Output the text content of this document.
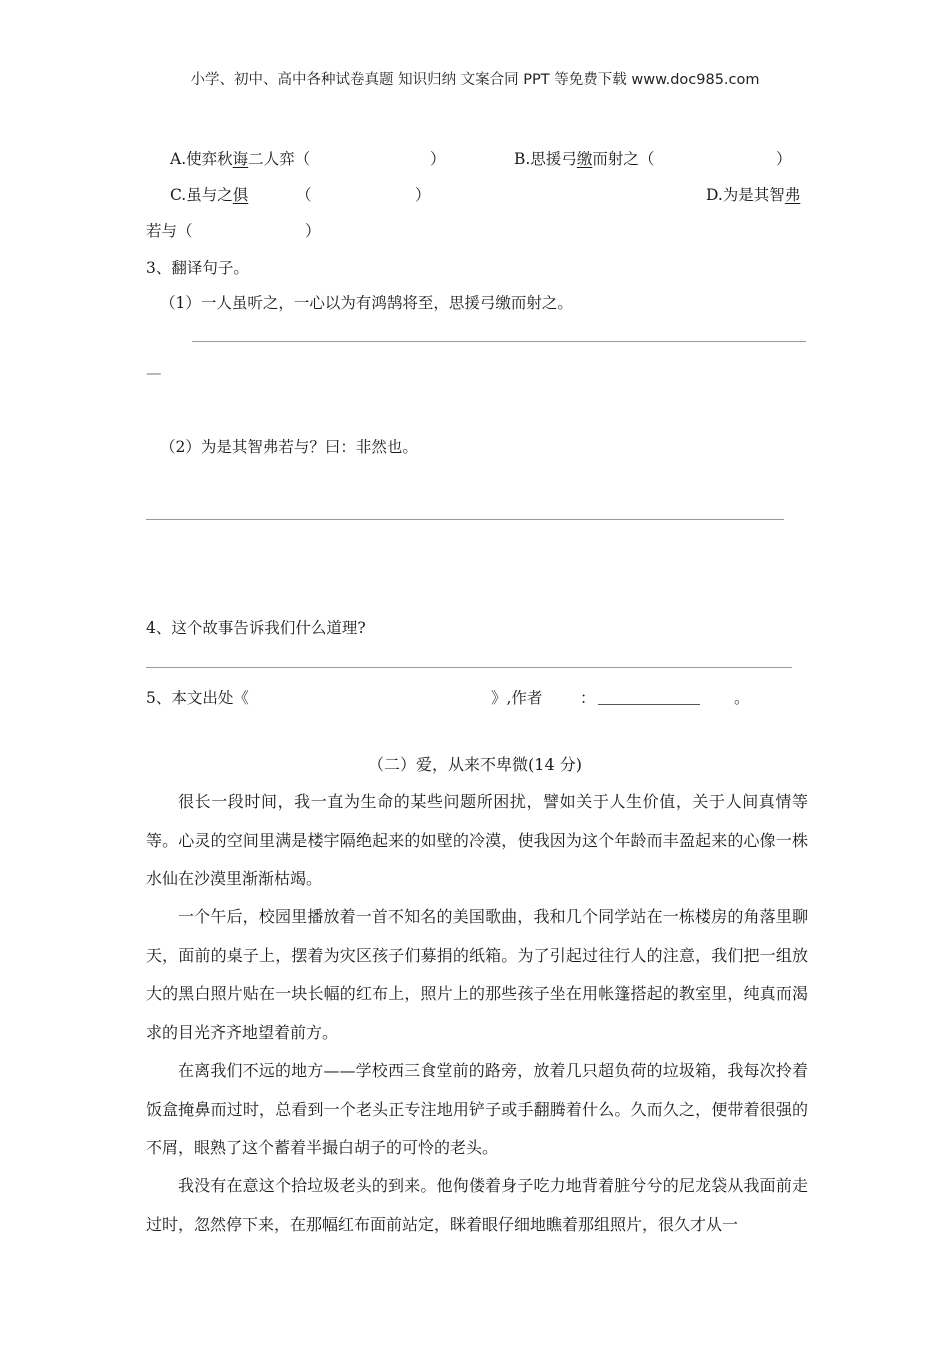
小学、初中、高中各种试卷真题 知识归纳 文案合同 PPT 等免费下载 www.doc985.com
A.使弈秋诲二人弈（	）	B.思援弓缴而射之（	）
C.虽与之俱	（	）	D.为是其智弗
若与（	）
3、翻译句子。
（1）一人虽听之，一心以为有鸿鹄将至，思援弓缴而射之。
—
（2）为是其智弗若与？曰：非然也。
4、这个故事告诉我们什么道理?
5、本文出处《	》,作者 ：	。
（二）爱，从来不卑微(14 分)
很长一段时间，我一直为生命的某些问题所困扰，譬如关于人生价值，关于人间真情等等。心灵的空间里满是楼宇隔绝起来的如壁的冷漠，使我因为这个年龄而丰盈起来的心像一株水仙在沙漠里渐渐枯竭。
一个午后，校园里播放着一首不知名的美国歌曲，我和几个同学站在一栋楼房的角落里聊天，面前的桌子上，摆着为灾区孩子们募捐的纸箱。为了引起过往行人的注意，我们把一组放大的黑白照片贴在一块长幅的红布上，照片上的那些孩子坐在用帐篷搭起的教室里，纯真而渴求的目光齐齐地望着前方。
在离我们不远的地方——学校西三食堂前的路旁，放着几只超负荷的垃圾箱，我每次拎着饭盒掩鼻而过时，总看到一个老头正专注地用铲子或手翻腾着什么。久而久之，便带着很强的不屑，眼熟了这个蓄着半撮白胡子的可怜的老头。
我没有在意这个拾垃圾老头的到来。他佝偻着身子吃力地背着脏兮兮的尼龙袋从我面前走过时，忽然停下来，在那幅红布面前站定，眯着眼仔细地瞧着那组照片，很久才从一
